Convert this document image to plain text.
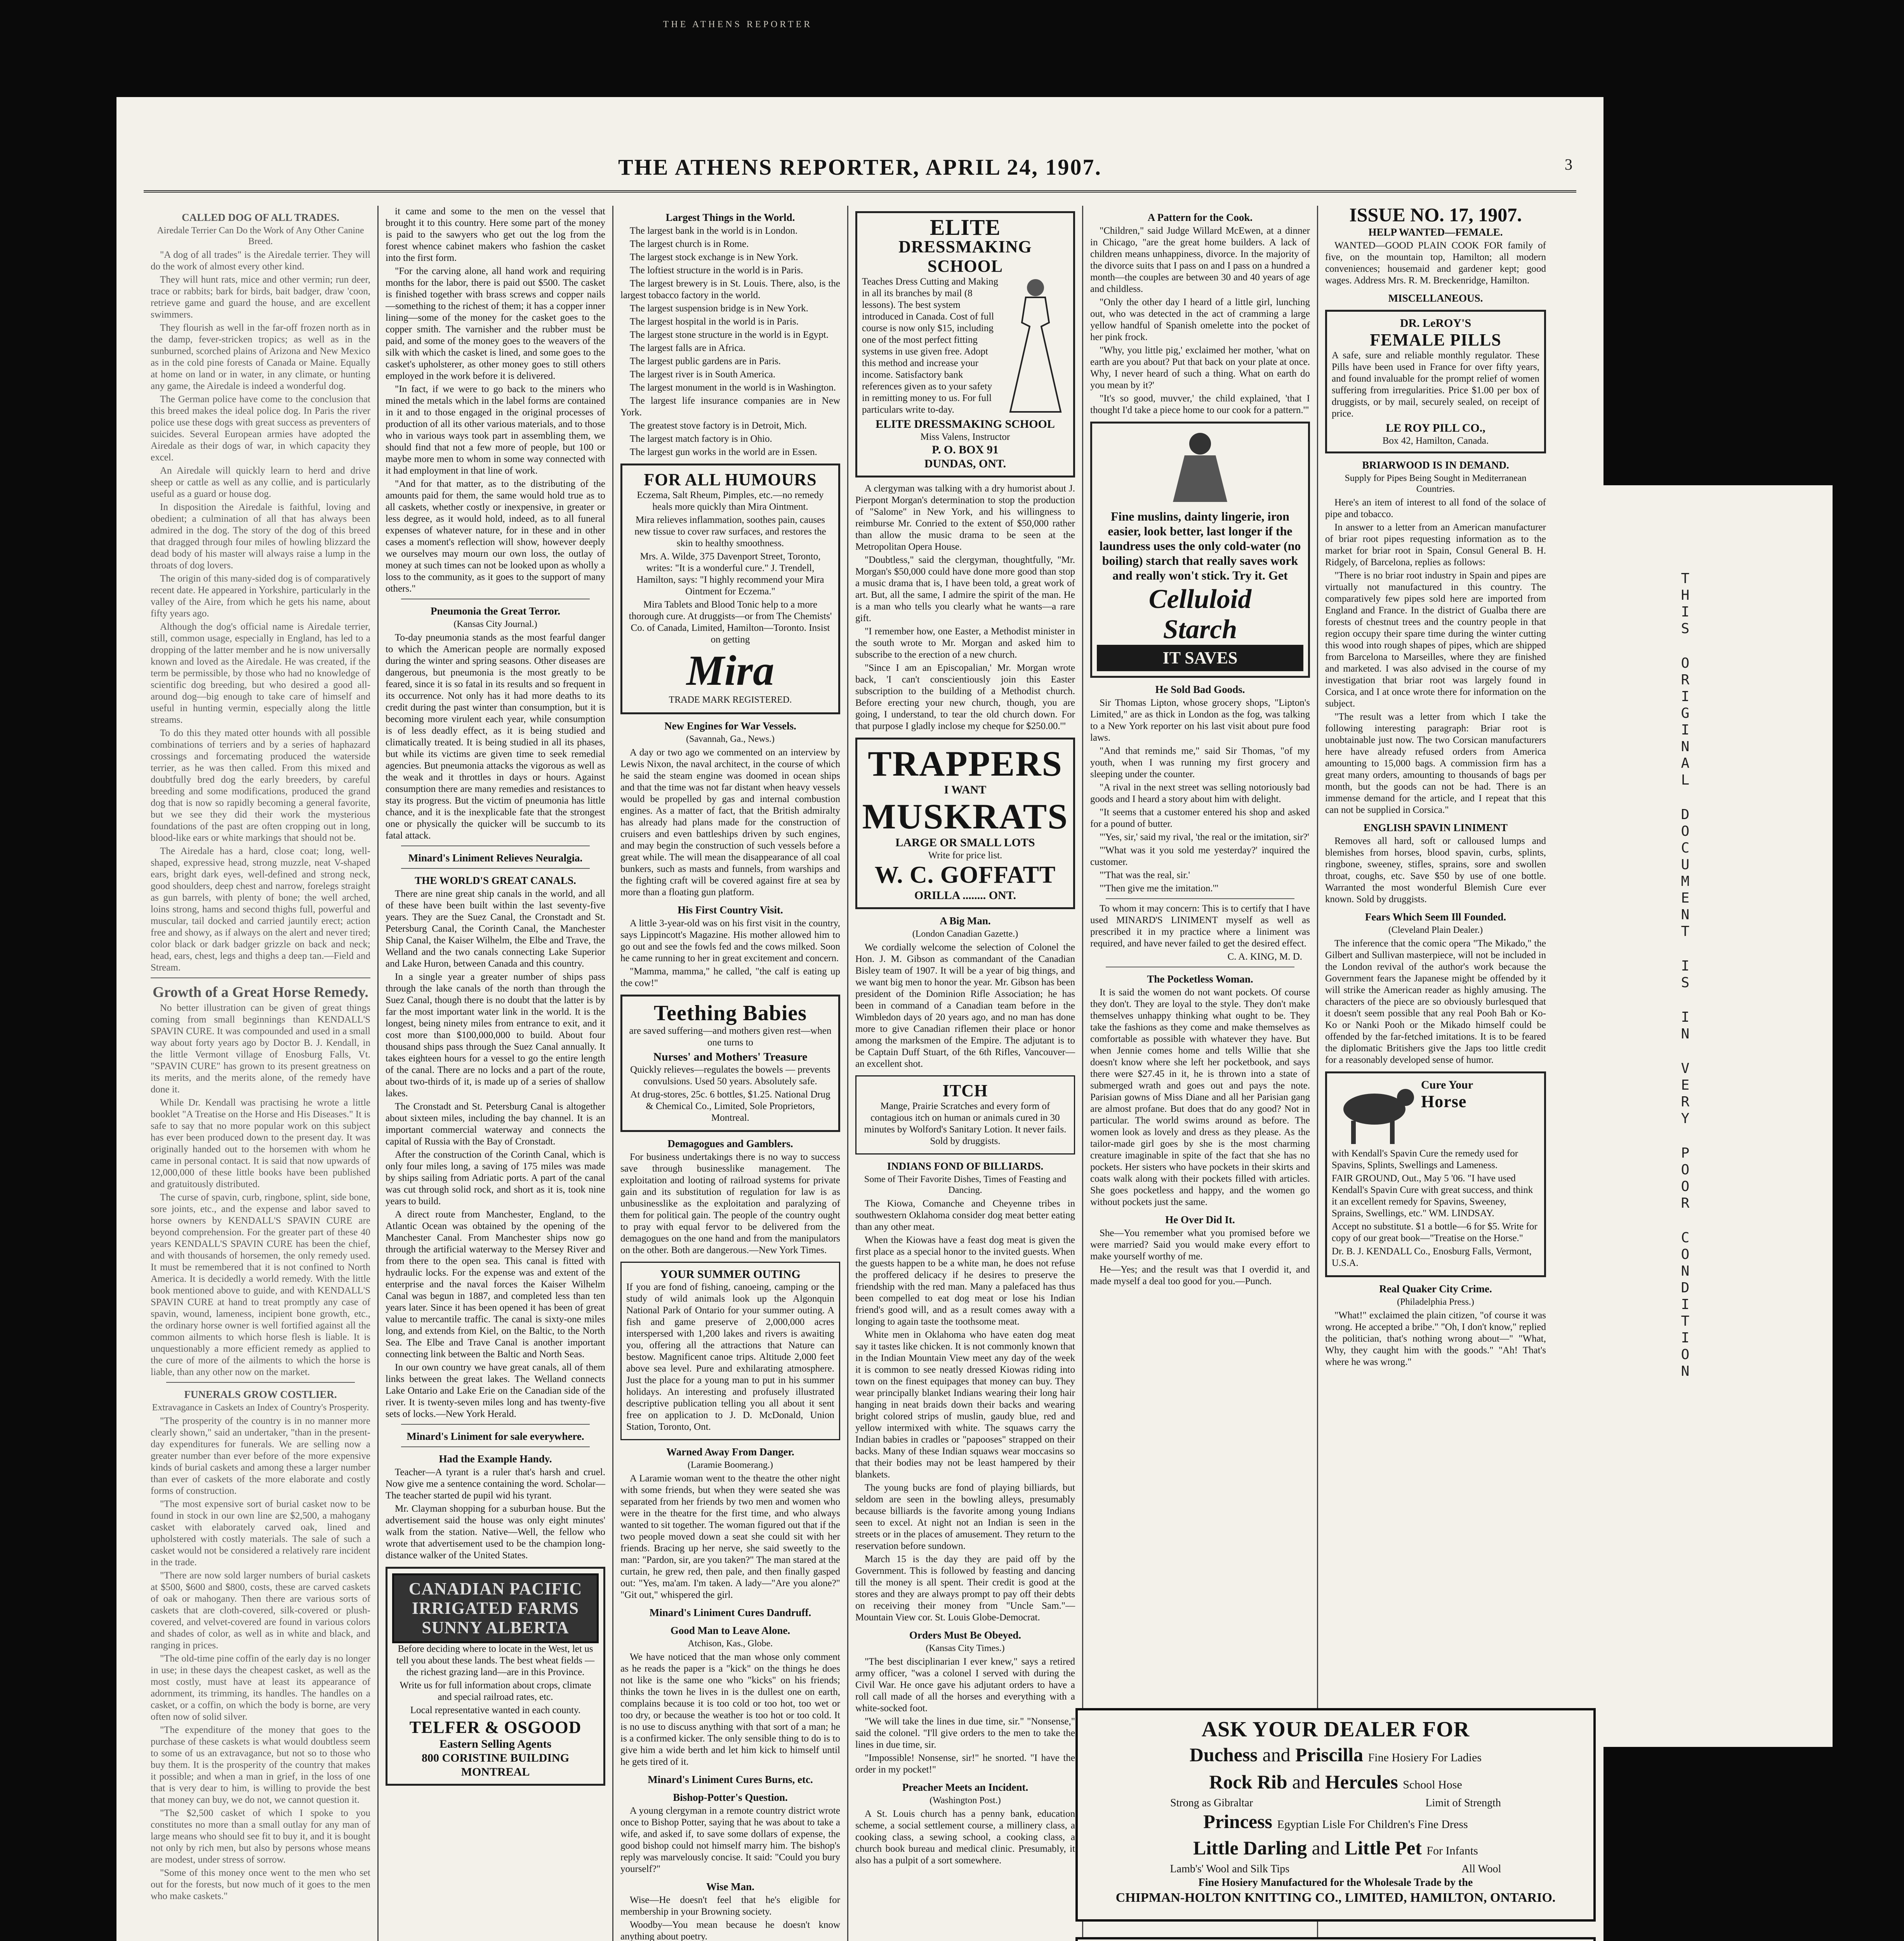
THE ATHENS REPORTER
THE ATHENS REPORTER, APRIL 24, 1907.	3
CALLED DOG OF ALL TRADES.
Airedale Terrier Can Do the Work of Any Other Canine Breed.

"A dog of all trades" is the Airedale terrier. They will do the work of almost every other kind.

They will hunt rats, mice and other vermin; run deer, trace or rabbits; bark for birds, bait badger, draw 'coon, retrieve game and guard the house, and are excellent swimmers.

They flourish as well in the far-off frozen north as in the damp, fever-stricken tropics; as well as in the sunburned, scorched plains of Arizona and New Mexico as in the cold pine forests of Canada or Maine. Equally at home on land or in water, in any climate, or hunting any game, the Airedale is indeed a wonderful dog.

The German police have come to the conclusion that this breed makes the ideal police dog. In Paris the river police use these dogs with great success as preventers of suicides. Several European armies have adopted the Airedale as their dogs of war, in which capacity they excel.

An Airedale will quickly learn to herd and drive sheep or cattle as well as any collie, and is particularly useful as a guard or house dog.

In disposition the Airedale is faithful, loving and obedient; a culmination of all that has always been admired in the dog. The story of the dog of this breed that dragged through four miles of howling blizzard the dead body of his master will always raise a lump in the throats of dog lovers.

The origin of this many-sided dog is of comparatively recent date. He appeared in Yorkshire, particularly in the valley of the Aire, from which he gets his name, about fifty years ago.

Although the dog's official name is Airedale terrier, still, common usage, especially in England, has led to a dropping of the latter member and he is now universally known and loved as the Airedale. He was created, if the term be permissible, by those who had no knowledge of scientific dog breeding, but who desired a good all-around dog—big enough to take care of himself and useful in hunting vermin, especially along the little streams.

To do this they mated otter hounds with all possible combinations of terriers and by a series of haphazard crossings and forcemating produced the waterside terrier, as he was then called. From this mixed and doubtfully bred dog the early breeders, by careful breeding and some modifications, produced the grand dog that is now so rapidly becoming a general favorite, but we see they did their work the mysterious foundations of the past are often cropping out in long, blood-like ears or white markings that should not be.

The Airedale has a hard, close coat; long, well-shaped, expressive head, strong muzzle, neat V-shaped ears, bright dark eyes, well-defined and strong neck, good shoulders, deep chest and narrow, forelegs straight as gun barrels, with plenty of bone; the well arched, loins strong, hams and second thighs full, powerful and muscular, tail docked and carried jauntily erect; action free and showy, as if always on the alert and never tired; color black or dark badger grizzle on back and neck; head, ears, chest, legs and thighs a deep tan.—Field and Stream.

Growth of a Great Horse Remedy.

No better illustration can be given of great things coming from small beginnings than KENDALL'S SPAVIN CURE. It was compounded and used in a small way about forty years ago by Doctor B. J. Kendall, in the little Vermont village of Enosburg Falls, Vt. "SPAVIN CURE" has grown to its present greatness on its merits, and the merits alone, of the remedy have done it.

While Dr. Kendall was practising he wrote a little booklet "A Treatise on the Horse and His Diseases." It is safe to say that no more popular work on this subject has ever been produced down to the present day. It was originally handed out to the horsemen with whom he came in personal contact. It is said that now upwards of 12,000,000 of these little books have been published and gratuitously distributed.

The curse of spavin, curb, ringbone, splint, side bone, sore joints, etc., and the expense and labor saved to horse owners by KENDALL'S SPAVIN CURE are beyond comprehension. For the greater part of these 40 years KENDALL'S SPAVIN CURE has been the chief, and with thousands of horsemen, the only remedy used. It must be remembered that it is not confined to North America. It is decidedly a world remedy. With the little book mentioned above to guide, and with KENDALL'S SPAVIN CURE at hand to treat promptly any case of spavin, wound, lameness, incipient bone growth, etc., the ordinary horse owner is well fortified against all the common ailments to which horse flesh is liable. It is unquestionably a more efficient remedy as applied to the cure of more of the ailments to which the horse is liable, than any other now on the market.

FUNERALS GROW COSTLIER.
Extravagance in Caskets an Index of Country's Prosperity.

"The prosperity of the country is in no manner more clearly shown," said an undertaker, "than in the present-day expenditures for funerals. We are selling now a greater number than ever before of the more expensive kinds of burial caskets and among these a larger number than ever of caskets of the more elaborate and costly forms of construction.

"The most expensive sort of burial casket now to be found in stock in our own line are $2,500, a mahogany casket with elaborately carved oak, lined and upholstered with costly materials. The sale of such a casket would not be considered a relatively rare incident in the trade.

"There are now sold larger numbers of burial caskets at $500, $600 and $800, costs, these are carved caskets of oak or mahogany. Then there are various sorts of caskets that are cloth-covered, silk-covered or plush-covered, and velvet-covered are found in various colors and shades of color, as well as in white and black, and ranging in prices.

"The old-time pine coffin of the early day is no longer in use; in these days the cheapest casket, as well as the most costly, must have at least its appearance of adornment, its trimming, its handles. The handles on a casket, or a coffin, on which the body is borne, are very often now of solid silver.

"The expenditure of the money that goes to the purchase of these caskets is what would doubtless seem to some of us an extravagance, but not so to those who buy them. It is the prosperity of the country that makes it possible; and when a man in grief, in the loss of one that is very dear to him, is willing to provide the best that money can buy, we do not, we cannot question it.

"The $2,500 casket of which I spoke to you constitutes no more than a small outlay for any man of large means who should see fit to buy it, and it is bought not only by rich men, but also by persons whose means are modest, under stress of sorrow.

"Some of this money once went to the men who set out for the forests, but now much of it goes to the men who make caskets."

it came and some to the men on the vessel that brought it to this country. Here some part of the money is paid to the sawyers who get out the log from the forest whence cabinet makers who fashion the casket into the first form.

"For the carving alone, all hand work and requiring months for the labor, there is paid out $500. The casket is finished together with brass screws and copper nails—something to the richest of them; it has a copper inner lining—some of the money for the casket goes to the copper smith. The varnisher and the rubber must be paid, and some of the money goes to the weavers of the silk with which the casket is lined, and some goes to the casket's upholsterer, as other money goes to still others employed in the work before it is delivered.

"In fact, if we were to go back to the miners who mined the metals which in the label forms are contained in it and to those engaged in the original processes of production of all its other various materials, and to those who in various ways took part in assembling them, we should find that not a few more of people, but 100 or maybe more men to whom in some way connected with it had employment in that line of work.

"And for that matter, as to the distributing of the amounts paid for them, the same would hold true as to all caskets, whether costly or inexpensive, in greater or less degree, as it would hold, indeed, as to all funeral expenses of whatever nature, for in these and in other cases a moment's reflection will show, however deeply we ourselves may mourn our own loss, the outlay of money at such times can not be looked upon as wholly a loss to the community, as it goes to the support of many others."

Pneumonia the Great Terror.
(Kansas City Journal.)

To-day pneumonia stands as the most fearful danger to which the American people are normally exposed during the winter and spring seasons. Other diseases are dangerous, but pneumonia is the most greatly to be feared, since it is so fatal in its results and so frequent in its occurrence. Not only has it had more deaths to its credit during the past winter than consumption, but it is becoming more virulent each year, while consumption is of less deadly effect, as it is being studied and climatically treated. It is being studied in all its phases, but while its victims are given time to seek remedial agencies. But pneumonia attacks the vigorous as well as the weak and it throttles in days or hours. Against consumption there are many remedies and resistances to stay its progress. But the victim of pneumonia has little chance, and it is the inexplicable fate that the strongest one or physically the quicker will be succumb to its fatal attack.

Minard's Liniment Relieves Neuralgia.
THE WORLD'S GREAT CANALS.

There are nine great ship canals in the world, and all of these have been built within the last seventy-five years. They are the Suez Canal, the Cronstadt and St. Petersburg Canal, the Corinth Canal, the Manchester Ship Canal, the Kaiser Wilhelm, the Elbe and Trave, the Welland and the two canals connecting Lake Superior and Lake Huron, between Canada and this country.

In a single year a greater number of ships pass through the lake canals of the north than through the Suez Canal, though there is no doubt that the latter is by far the most important water link in the world. It is the longest, being ninety miles from entrance to exit, and it cost more than $100,000,000 to build. About four thousand ships pass through the Suez Canal annually. It takes eighteen hours for a vessel to go the entire length of the canal. There are no locks and a part of the route, about two-thirds of it, is made up of a series of shallow lakes.

The Cronstadt and St. Petersburg Canal is altogether about sixteen miles, including the bay channel. It is an important commercial waterway and connects the capital of Russia with the Bay of Cronstadt.

After the construction of the Corinth Canal, which is only four miles long, a saving of 175 miles was made by ships sailing from Adriatic ports. A part of the canal was cut through solid rock, and short as it is, took nine years to build.

A direct route from Manchester, England, to the Atlantic Ocean was obtained by the opening of the Manchester Canal. From Manchester ships now go through the artificial waterway to the Mersey River and from there to the open sea. This canal is fitted with hydraulic locks. For the expense was and extent of the enterprise and the naval forces the Kaiser Wilhelm Canal was begun in 1887, and completed less than ten years later. Since it has been opened it has been of great value to mercantile traffic. The canal is sixty-one miles long, and extends from Kiel, on the Baltic, to the North Sea. The Elbe and Trave Canal is another important connecting link between the Baltic and North Seas.

In our own country we have great canals, all of them links between the great lakes. The Welland connects Lake Ontario and Lake Erie on the Canadian side of the river. It is twenty-seven miles long and has twenty-five sets of locks.—New York Herald.

Minard's Liniment for sale everywhere.
Had the Example Handy.

Teacher—A tyrant is a ruler that's harsh and cruel. Now give me a sentence containing the word. Scholar—The teacher started de pupil wid his tyrant.

Mr. Clayman shopping for a suburban house. But the advertisement said the house was only eight minutes' walk from the station. Native—Well, the fellow who wrote that advertisement used to be the champion long-distance walker of the United States.

CANADIAN PACIFIC
IRRIGATED FARMS
SUNNY ALBERTA

Before deciding where to locate in the West, let us tell you about these lands. The best wheat fields — the richest grazing land—are in this Province.

Write us for full information about crops, climate and special railroad rates, etc.

Local representative wanted in each county.

TELFER & OSGOOD
Eastern Selling Agents
800 CORISTINE BUILDING
MONTREAL
Largest Things in the World.

The largest bank in the world is in London.

The largest church is in Rome.

The largest stock exchange is in New York.

The loftiest structure in the world is in Paris.

The largest brewery is in St. Louis. There, also, is the largest tobacco factory in the world.

The largest suspension bridge is in New York.

The largest hospital in the world is in Paris.

The largest stone structure in the world is in Egypt.

The largest falls are in Africa.

The largest public gardens are in Paris.

The largest river is in South America.

The largest monument in the world is in Washington.

The largest life insurance companies are in New York.

The greatest stove factory is in Detroit, Mich.

The largest match factory is in Ohio.

The largest gun works in the world are in Essen.

FOR ALL HUMOURS

Eczema, Salt Rheum, Pimples, etc.—no remedy heals more quickly than Mira Ointment.

Mira relieves inflammation, soothes pain, causes new tissue to cover raw surfaces, and restores the skin to healthy smoothness.

Mrs. A. Wilde, 375 Davenport Street, Toronto, writes: "It is a wonderful cure." J. Trendell, Hamilton, says: "I highly recommend your Mira Ointment for Eczema."

Mira Tablets and Blood Tonic help to a more thorough cure. At druggists—or from The Chemists' Co. of Canada, Limited, Hamilton—Toronto. Insist on getting

Mira
TRADE MARK REGISTERED.
New Engines for War Vessels.
(Savannah, Ga., News.)

A day or two ago we commented on an interview by Lewis Nixon, the naval architect, in the course of which he said the steam engine was doomed in ocean ships and that the time was not far distant when heavy vessels would be propelled by gas and internal combustion engines. As a matter of fact, that the British admiralty has already had plans made for the construction of cruisers and even battleships driven by such engines, and may begin the construction of such vessels before a great while. The will mean the disappearance of all coal bunkers, such as masts and funnels, from warships and the fighting craft will be covered against fire at sea by more than a floating gun platform.

His First Country Visit.

A little 3-year-old was on his first visit in the country, says Lippincott's Magazine. His mother allowed him to go out and see the fowls fed and the cows milked. Soon he came running to her in great excitement and concern.

"Mamma, mamma," he called, "the calf is eating up the cow!"

Teething Babies

are saved suffering—and mothers given rest—when one turns to

Nurses' and Mothers' Treasure

Quickly relieves—regulates the bowels — prevents convulsions. Used 50 years. Absolutely safe.

At drug-stores, 25c. 6 bottles, $1.25. National Drug & Chemical Co., Limited, Sole Proprietors, Montreal.

Demagogues and Gamblers.

For business undertakings there is no way to success save through businesslike management. The exploitation and looting of railroad systems for private gain and its substitution of regulation for law is as unbusinesslike as the exploitation and paralyzing of them for political gain. The people of the country ought to pray with equal fervor to be delivered from the demagogues on the one hand and from the manipulators on the other. Both are dangerous.—New York Times.

YOUR SUMMER OUTING

If you are fond of fishing, canoeing, camping or the study of wild animals look up the Algonquin National Park of Ontario for your summer outing. A fish and game preserve of 2,000,000 acres interspersed with 1,200 lakes and rivers is awaiting you, offering all the attractions that Nature can bestow. Magnificent canoe trips. Altitude 2,000 feet above sea level. Pure and exhilarating atmosphere. Just the place for a young man to put in his summer holidays. An interesting and profusely illustrated descriptive publication telling you all about it sent free on application to J. D. McDonald, Union Station, Toronto, Ont.

Warned Away From Danger.
(Laramie Boomerang.)

A Laramie woman went to the theatre the other night with some friends, but when they were seated she was separated from her friends by two men and women who were in the theatre for the first time, and who always wanted to sit together. The woman figured out that if the two people moved down a seat she could sit with her friends. Bracing up her nerve, she said sweetly to the man: "Pardon, sir, are you taken?" The man stared at the curtain, he grew red, then pale, and then finally gasped out: "Yes, ma'am. I'm taken. A lady—"Are you alone?" "Git out," whispered the girl.

Minard's Liniment Cures Dandruff.
Good Man to Leave Alone.
Atchison, Kas., Globe.

We have noticed that the man whose only comment as he reads the paper is a "kick" on the things he does not like is the same one who "kicks" on his friends; thinks the town he lives in is the dullest one on earth, complains because it is too cold or too hot, too wet or too dry, or because the weather is too hot or too cold. It is no use to discuss anything with that sort of a man; he is a confirmed kicker. The only sensible thing to do is to give him a wide berth and let him kick to himself until he gets tired of it.

Minard's Liniment Cures Burns, etc.
Bishop-Potter's Question.

A young clergyman in a remote country district wrote once to Bishop Potter, saying that he was about to take a wife, and asked if, to save some dollars of expense, the good bishop could not himself marry him. The bishop's reply was marvelously concise. It said: "Could you bury yourself?"

Wise Man.

Wise—He doesn't feel that he's eligible for membership in your Browning society.

Woodby—You mean because he doesn't know anything about poetry.

ELITE
DRESSMAKING SCHOOL

Teaches Dress Cutting and Making in all its branches by mail (8 lessons). The best system introduced in Canada. Cost of full course is now only $15, including one of the most perfect fitting systems in use given free. Adopt this method and increase your income. Satisfactory bank references given as to your safety in remitting money to us. For full particulars write to-day.

ELITE DRESSMAKING SCHOOL
Miss Valens, Instructor
P. O. BOX 91
DUNDAS, ONT.

A clergyman was talking with a dry humorist about J. Pierpont Morgan's determination to stop the production of "Salome" in New York, and his willingness to reimburse Mr. Conried to the extent of $50,000 rather than allow the music drama to be seen at the Metropolitan Opera House.

"Doubtless," said the clergyman, thoughtfully, "Mr. Morgan's $50,000 could have done more good than stop a music drama that is, I have been told, a great work of art. But, all the same, I admire the spirit of the man. He is a man who tells you clearly what he wants—a rare gift.

"I remember how, one Easter, a Methodist minister in the south wrote to Mr. Morgan and asked him to subscribe to the erection of a new church.

"Since I am an Episcopalian,' Mr. Morgan wrote back, 'I can't conscientiously join this Easter subscription to the building of a Methodist church. Before erecting your new church, though, you are going, I understand, to tear the old church down. For that purpose I gladly inclose my cheque for $250.00.'"

TRAPPERS
I WANT
MUSKRATS
LARGE OR SMALL LOTS
Write for price list.
W. C. GOFFATT
ORILLA ........ ONT.
A Big Man.
(London Canadian Gazette.)

We cordially welcome the selection of Colonel the Hon. J. M. Gibson as commandant of the Canadian Bisley team of 1907. It will be a year of big things, and we want big men to honor the year. Mr. Gibson has been president of the Dominion Rifle Association; he has been in command of a Canadian team before in the Wimbledon days of 20 years ago, and no man has done more to give Canadian riflemen their place or honor among the marksmen of the Empire. The adjutant is to be Captain Duff Stuart, of the 6th Rifles, Vancouver—an excellent shot.

ITCH

Mange, Prairie Scratches and every form of contagious itch on human or animals cured in 30 minutes by Wolford's Sanitary Lotion. It never fails. Sold by druggists.

INDIANS FOND OF BILLIARDS.
Some of Their Favorite Dishes, Times of Feasting and Dancing.

The Kiowa, Comanche and Cheyenne tribes in southwestern Oklahoma consider dog meat better eating than any other meat.

When the Kiowas have a feast dog meat is given the first place as a special honor to the invited guests. When the guests happen to be a white man, he does not refuse the proffered delicacy if he desires to preserve the friendship with the red man. Many a palefaced has thus been compelled to eat dog meat or lose his Indian friend's good will, and as a result comes away with a longing to again taste the toothsome meat.

White men in Oklahoma who have eaten dog meat say it tastes like chicken. It is not commonly known that in the Indian Mountain View meet any day of the week it is common to see neatly dressed Kiowas riding into town on the finest equipages that money can buy. They wear principally blanket Indians wearing their long hair hanging in neat braids down their backs and wearing bright colored strips of muslin, gaudy blue, red and yellow intermixed with white. The squaws carry the Indian babies in cradles or "papooses" strapped on their backs. Many of these Indian squaws wear moccasins so that their bodies may not be least hampered by their blankets.

The young bucks are fond of playing billiards, but seldom are seen in the bowling alleys, presumably because billiards is the favorite among young Indians seen to excel. At night not an Indian is seen in the streets or in the places of amusement. They return to the reservation before sundown.

March 15 is the day they are paid off by the Government. This is followed by feasting and dancing till the money is all spent. Their credit is good at the stores and they are always prompt to pay off their debts on receiving their money from "Uncle Sam."—Mountain View cor. St. Louis Globe-Democrat.

Orders Must Be Obeyed.
(Kansas City Times.)

"The best disciplinarian I ever knew," says a retired army officer, "was a colonel I served with during the Civil War. He once gave his adjutant orders to have a roll call made of all the horses and everything with a white-socked foot.

"We will take the lines in due time, sir." "Nonsense," said the colonel. "I'll give orders to the men to take the lines in due time, sir.

"Impossible! Nonsense, sir!" he snorted. "I have the order in my pocket!"

Preacher Meets an Incident.
(Washington Post.)

A St. Louis church has a penny bank, education scheme, a social settlement course, a millinery class, a cooking class, a sewing school, a cooking class, a church book bureau and medical clinic. Presumably, it also has a pulpit of a sort somewhere.

A Pattern for the Cook.

"Children," said Judge Willard McEwen, at a dinner in Chicago, "are the great home builders. A lack of children means unhappiness, divorce. In the majority of the divorce suits that I pass on and I pass on a hundred a month—the couples are between 30 and 40 years of age and childless.

"Only the other day I heard of a little girl, lunching out, who was detected in the act of cramming a large yellow handful of Spanish omelette into the pocket of her pink frock.

"Why, you little pig,' exclaimed her mother, 'what on earth are you about? Put that back on your plate at once. Why, I never heard of such a thing. What on earth do you mean by it?'

"It's so good, muvver,' the child explained, 'that I thought I'd take a piece home to our cook for a pattern.'"

Fine muslins, dainty lingerie, iron easier, look better, last longer if the laundress uses the only cold-water (no boiling) starch that really saves work and really won't stick. Try it. Get

Celluloid
Starch
IT SAVES
He Sold Bad Goods.

Sir Thomas Lipton, whose grocery shops, "Lipton's Limited," are as thick in London as the fog, was talking to a New York reporter on his last visit about pure food laws.

"And that reminds me," said Sir Thomas, "of my youth, when I was running my first grocery and sleeping under the counter.

"A rival in the next street was selling notoriously bad goods and I heard a story about him with delight.

"It seems that a customer entered his shop and asked for a pound of butter.

"'Yes, sir,' said my rival, 'the real or the imitation, sir?'

"'What was it you sold me yesterday?' inquired the customer.

"'That was the real, sir.'

"'Then give me the imitation.'"

To whom it may concern: This is to certify that I have used MINARD'S LINIMENT myself as well as prescribed it in my practice where a liniment was required, and have never failed to get the desired effect.

C. A. KING, M. D.
The Pocketless Woman.

It is said the women do not want pockets. Of course they don't. They are loyal to the style. They don't make themselves unhappy thinking what ought to be. They take the fashions as they come and make themselves as comfortable as possible with whatever they have. But when Jennie comes home and tells Willie that she doesn't know where she left her pocketbook, and says there were $27.45 in it, he is thrown into a state of submerged wrath and goes out and pays the note. Parisian gowns of Miss Diane and all her Parisian gang are almost profane. But does that do any good? Not in particular. The world swims around as before. The women look as lovely and dress as they please. As the tailor-made girl goes by she is the most charming creature imaginable in spite of the fact that she has no pockets. Her sisters who have pockets in their skirts and coats walk along with their pockets filled with articles. She goes pocketless and happy, and the women go without pockets just the same.

He Over Did It.

She—You remember what you promised before we were married? Said you would make every effort to make yourself worthy of me.

He—Yes; and the result was that I overdid it, and made myself a deal too good for you.—Punch.

ISSUE NO. 17, 1907.
HELP WANTED—FEMALE.

WANTED—GOOD PLAIN COOK FOR family of five, on the mountain top, Hamilton; all modern conveniences; housemaid and gardener kept; good wages. Address Mrs. R. M. Breckenridge, Hamilton.

MISCELLANEOUS.
DR. LeROY'S
FEMALE PILLS

A safe, sure and reliable monthly regulator. These Pills have been used in France for over fifty years, and found invaluable for the prompt relief of women suffering from irregularities. Price $1.00 per box of druggists, or by mail, securely sealed, on receipt of price.

LE ROY PILL CO.,
Box 42, Hamilton, Canada.
BRIARWOOD IS IN DEMAND.
Supply for Pipes Being Sought in Mediterranean Countries.

Here's an item of interest to all fond of the solace of pipe and tobacco.

In answer to a letter from an American manufacturer of briar root pipes requesting information as to the market for briar root in Spain, Consul General B. H. Ridgely, of Barcelona, replies as follows:

"There is no briar root industry in Spain and pipes are virtually not manufactured in this country. The comparatively few pipes sold here are imported from England and France. In the district of Gualba there are forests of chestnut trees and the country people in that region occupy their spare time during the winter cutting this wood into rough shapes of pipes, which are shipped from Barcelona to Marseilles, where they are finished and marketed. I was also advised in the course of my investigation that briar root was largely found in Corsica, and I at once wrote there for information on the subject.

"The result was a letter from which I take the following interesting paragraph: Briar root is unobtainable just now. The two Corsican manufacturers here have already refused orders from America amounting to 15,000 bags. A commission firm has a great many orders, amounting to thousands of bags per month, but the goods can not be had. There is an immense demand for the article, and I repeat that this can not be supplied in Corsica."

ENGLISH SPAVIN LINIMENT

Removes all hard, soft or calloused lumps and blemishes from horses, blood spavin, curbs, splints, ringbone, sweeney, stifles, sprains, sore and swollen throat, coughs, etc. Save $50 by use of one bottle. Warranted the most wonderful Blemish Cure ever known. Sold by druggists.

Fears Which Seem Ill Founded.
(Cleveland Plain Dealer.)

The inference that the comic opera "The Mikado," the Gilbert and Sullivan masterpiece, will not be included in the London revival of the author's work because the Government fears the Japanese might be offended by it will strike the American reader as highly amusing. The characters of the piece are so obviously burlesqued that it doesn't seem possible that any real Pooh Bah or Ko-Ko or Nanki Pooh or the Mikado himself could be offended by the far-fetched imitations. It is to be feared the diplomatic Britishers give the Japs too little credit for a reasonably developed sense of humor.

Cure Your
Horse

with Kendall's Spavin Cure the remedy used for Spavins, Splints, Swellings and Lameness.

FAIR GROUND, Out., May 5 '06. "I have used Kendall's Spavin Cure with great success, and think it an excellent remedy for Spavins, Sweeney, Sprains, Swellings, etc." WM. LINDSAY.

Accept no substitute. $1 a bottle—6 for $5. Write for copy of our great book—"Treatise on the Horse."

Dr. B. J. KENDALL Co., Enosburg Falls, Vermont, U.S.A.

Real Quaker City Crime.
(Philadelphia Press.)

"What!" exclaimed the plain citizen, "of course it was wrong. He accepted a bribe." "Oh, I don't know," replied the politician, that's nothing wrong about—" "What, Why, they caught him with the goods." "Ah! That's where he was wrong."

ASK YOUR DEALER FOR
Duchess and Priscilla Fine Hosiery For Ladies
Rock Rib and Hercules School Hose
Strong as Gibraltar	Limit of Strength
Princess Egyptian Lisle For Children's Fine Dress
Little Darling and Little Pet For Infants
Lamb's' Wool and Silk Tips	All Wool
Fine Hosiery Manufactured for the Wholesale Trade by the
CHIPMAN-HOLTON KNITTING CO., LIMITED, HAMILTON, ONTARIO.
THIS
ORIGINAL
DOCUMENT
IS
IN
VERY
POOR
CONDITION
